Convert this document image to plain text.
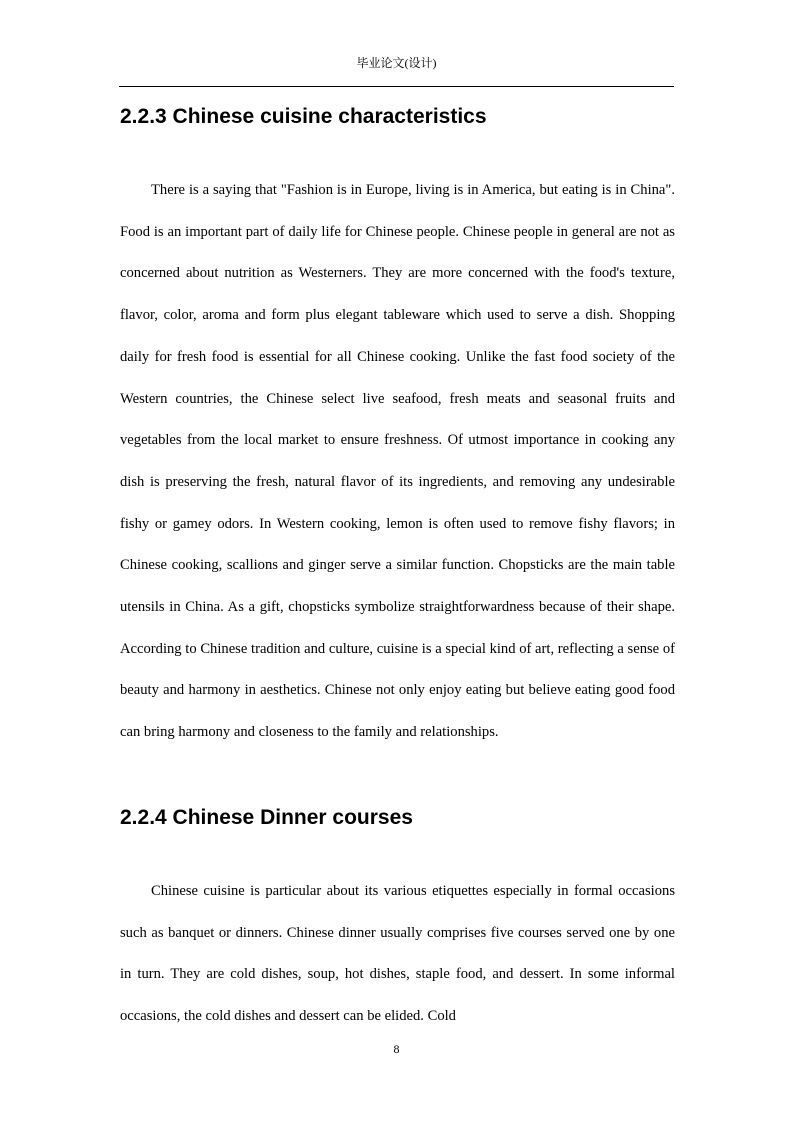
毕业论文(设计)
2.2.3 Chinese cuisine characteristics

There is a saying that "Fashion is in Europe, living is in America, but eating is in China". Food is an important part of daily life for Chinese people. Chinese people in general are not as concerned about nutrition as Westerners. They are more concerned with the food's texture, flavor, color, aroma and form plus elegant tableware which used to serve a dish. Shopping daily for fresh food is essential for all Chinese cooking. Unlike the fast food society of the Western countries, the Chinese select live seafood, fresh meats and seasonal fruits and vegetables from the local market to ensure freshness. Of utmost importance in cooking any dish is preserving the fresh, natural flavor of its ingredients, and removing any undesirable fishy or gamey odors. In Western cooking, lemon is often used to remove fishy flavors; in Chinese cooking, scallions and ginger serve a similar function. Chopsticks are the main table utensils in China. As a gift, chopsticks symbolize straightforwardness because of their shape. According to Chinese tradition and culture, cuisine is a special kind of art, reflecting a sense of beauty and harmony in aesthetics. Chinese not only enjoy eating but believe eating good food can bring harmony and closeness to the family and relationships.

2.2.4 Chinese Dinner courses

Chinese cuisine is particular about its various etiquettes especially in formal occasions such as banquet or dinners. Chinese dinner usually comprises five courses served one by one in turn. They are cold dishes, soup, hot dishes, staple food, and dessert. In some informal occasions, the cold dishes and dessert can be elided. Cold

8
